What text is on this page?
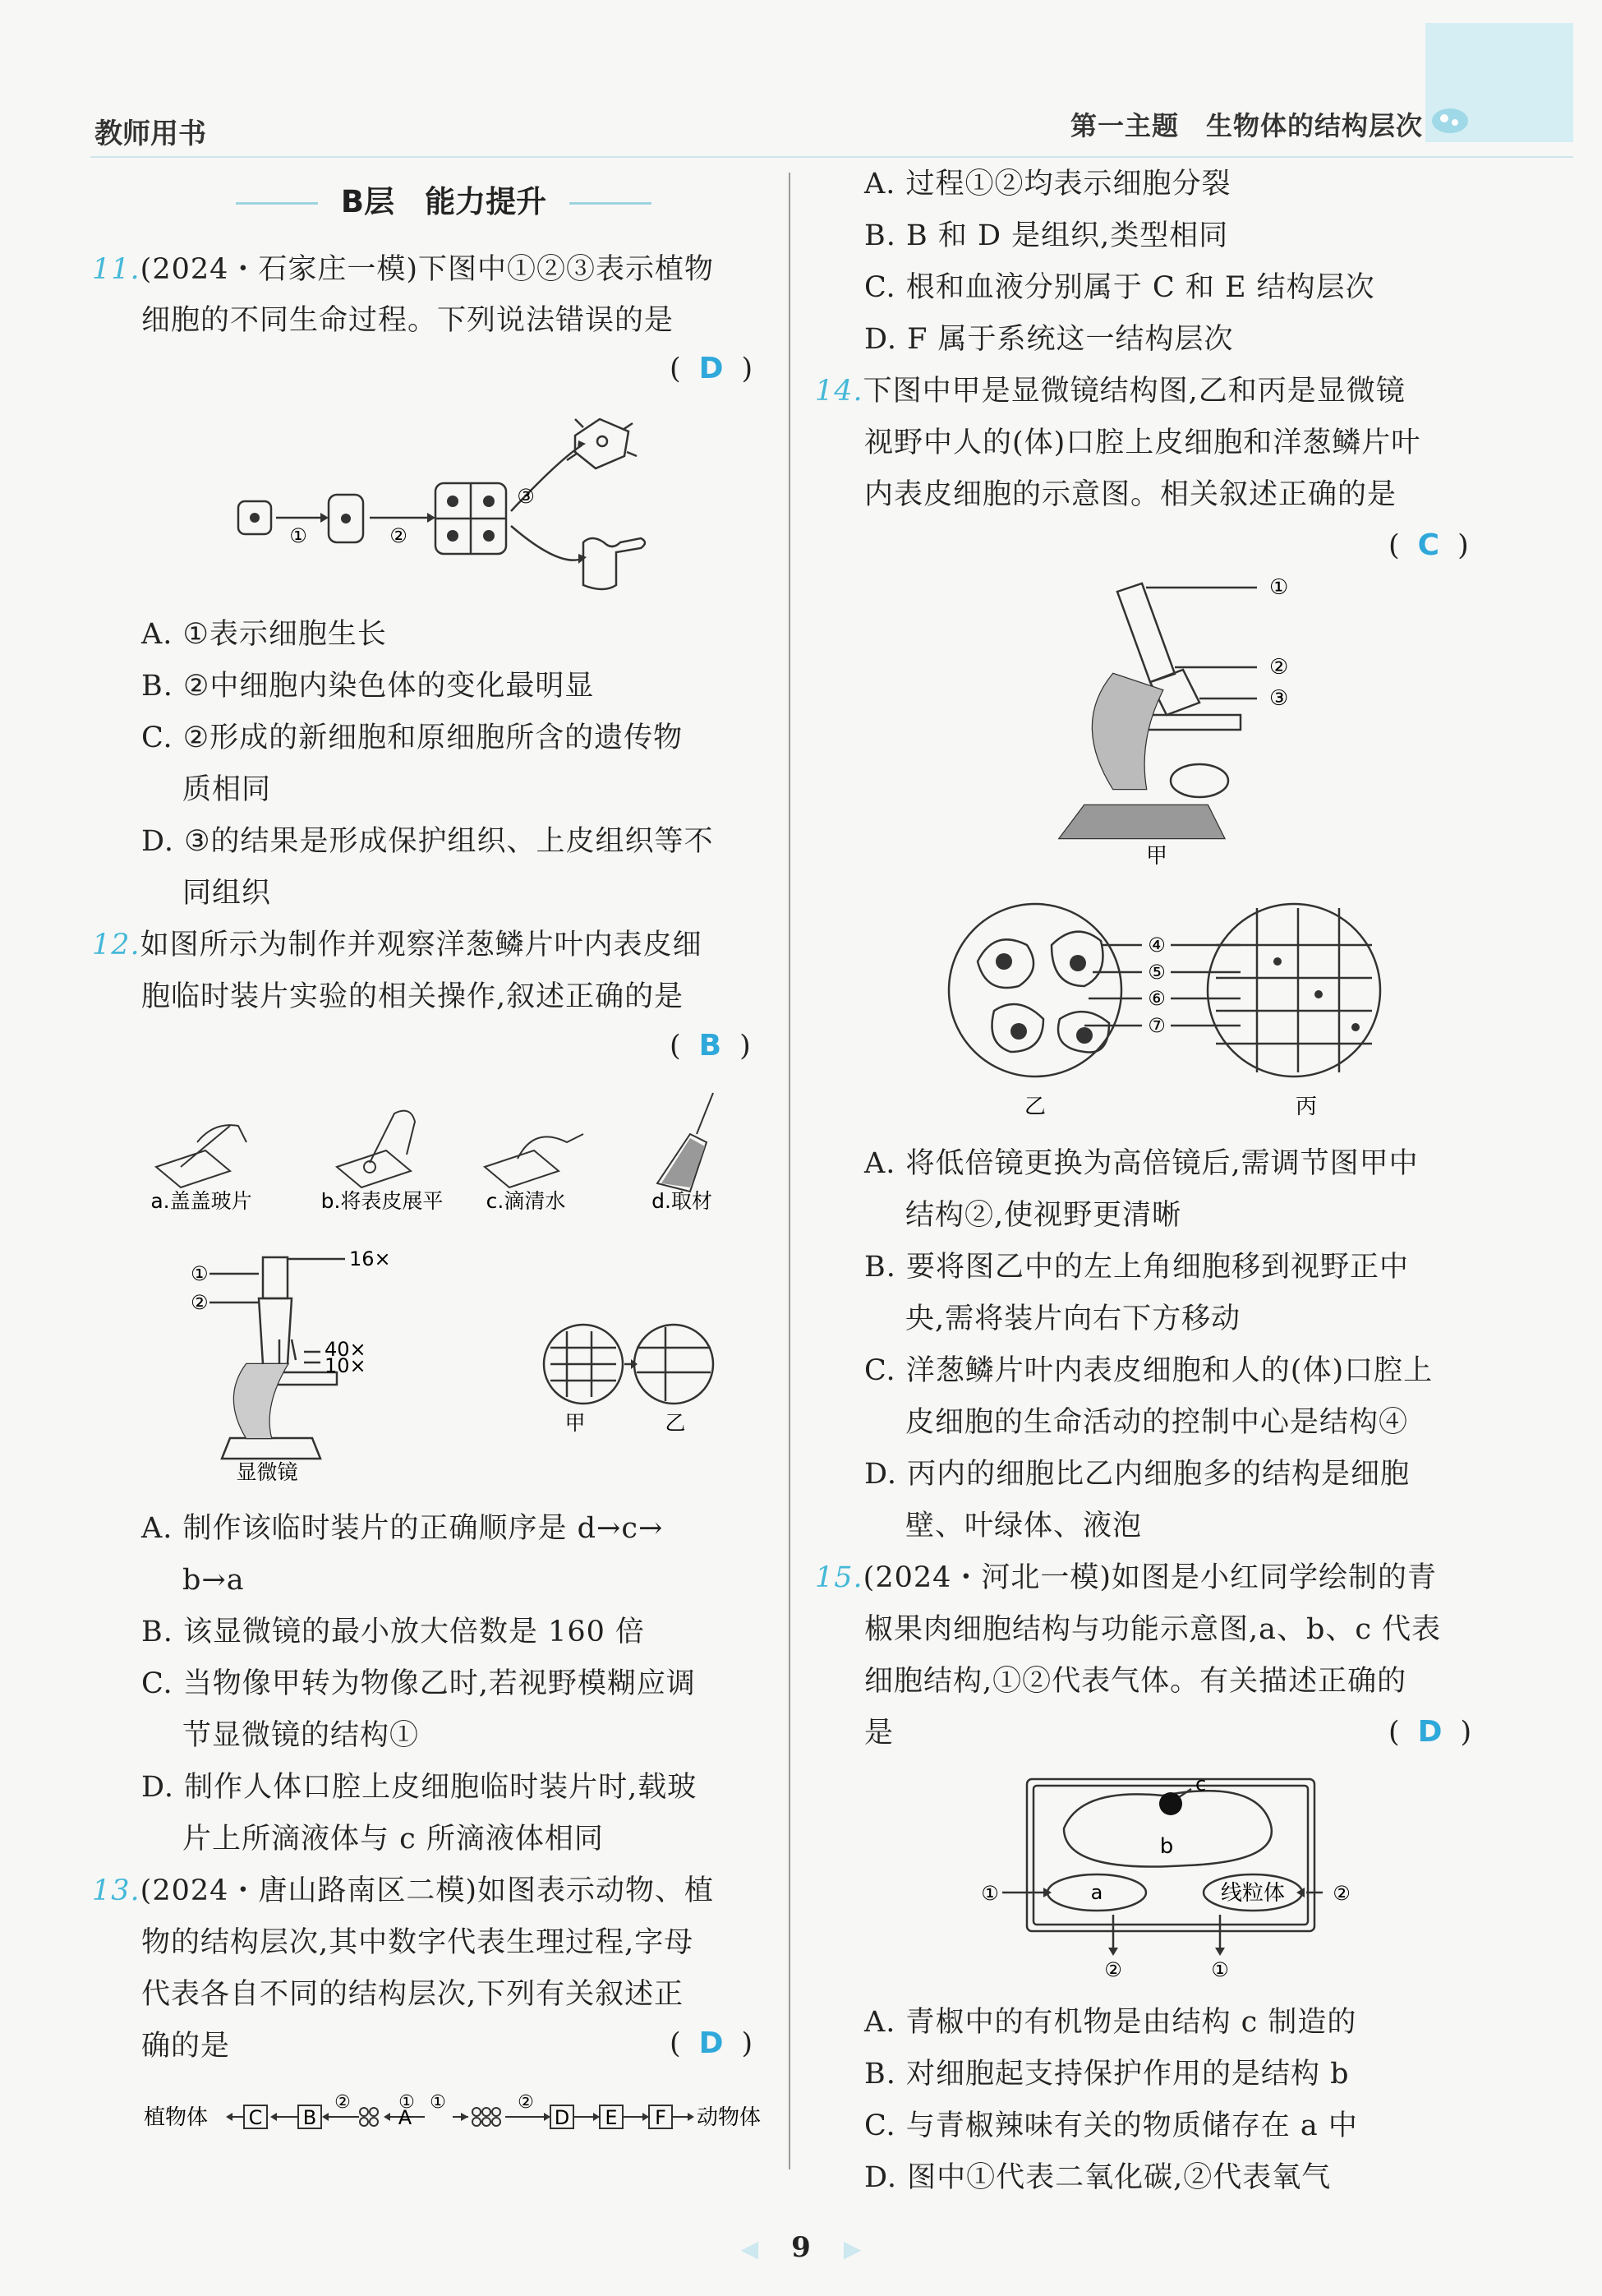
教师用书	第一主题　生物体的结构层次
B层　能力提升
11.(2024・石家庄一模)下图中①②③表示植物
细胞的不同生命过程。下列说法错误的是
( D )
①	②
③
A. ①表示细胞生长
B. ②中细胞内染色体的变化最明显
C. ②形成的新细胞和原细胞所含的遗传物
质相同
D. ③的结果是形成保护组织、上皮组织等不
同组织
12.如图所示为制作并观察洋葱鳞片叶内表皮细
胞临时装片实验的相关操作,叙述正确的是
( B )
a.盖盖玻片	b.将表皮展平 c.滴清水	d.取材
16×
40×
10×
①
②
显微镜
甲	乙
A. 制作该临时装片的正确顺序是 d→c→
b→a
B. 该显微镜的最小放大倍数是 160 倍
C. 当物像甲转为物像乙时,若视野模糊应调
节显微镜的结构①
D. 制作人体口腔上皮细胞临时装片时,载玻
片上所滴液体与 c 所滴液体相同
13.(2024・唐山路南区二模)如图表示动物、植
物的结构层次,其中数字代表生理过程,字母
代表各自不同的结构层次,下列有关叙述正
确的是	( D )
植物体 C B
②
A
① ①	②
D E F 动物体
A. 过程①②均表示细胞分裂
B. B 和 D 是组织,类型相同
C. 根和血液分别属于 C 和 E 结构层次
D. F 属于系统这一结构层次
14.下图中甲是显微镜结构图,乙和丙是显微镜
视野中人的(体)口腔上皮细胞和洋葱鳞片叶
内表皮细胞的示意图。相关叙述正确的是
( C )
①
②
③
甲
④
⑤
⑥
⑦
乙	丙
A. 将低倍镜更换为高倍镜后,需调节图甲中
结构②,使视野更清晰
B. 要将图乙中的左上角细胞移到视野正中
央,需将装片向右下方移动
C. 洋葱鳞片叶内表皮细胞和人的(体)口腔上
皮细胞的生命活动的控制中心是结构④
D. 丙内的细胞比乙内细胞多的结构是细胞
壁、叶绿体、液泡
15.(2024・河北一模)如图是小红同学绘制的青
椒果肉细胞结构与功能示意图,a、b、c 代表
细胞结构,①②代表气体。有关描述正确的
是	( D )
c
b
a	线粒体
①	②
②	①
A. 青椒中的有机物是由结构 c 制造的
B. 对细胞起支持保护作用的是结构 b
C. 与青椒辣味有关的物质储存在 a 中
D. 图中①代表二氧化碳,②代表氧气
◀ 9 ▶
